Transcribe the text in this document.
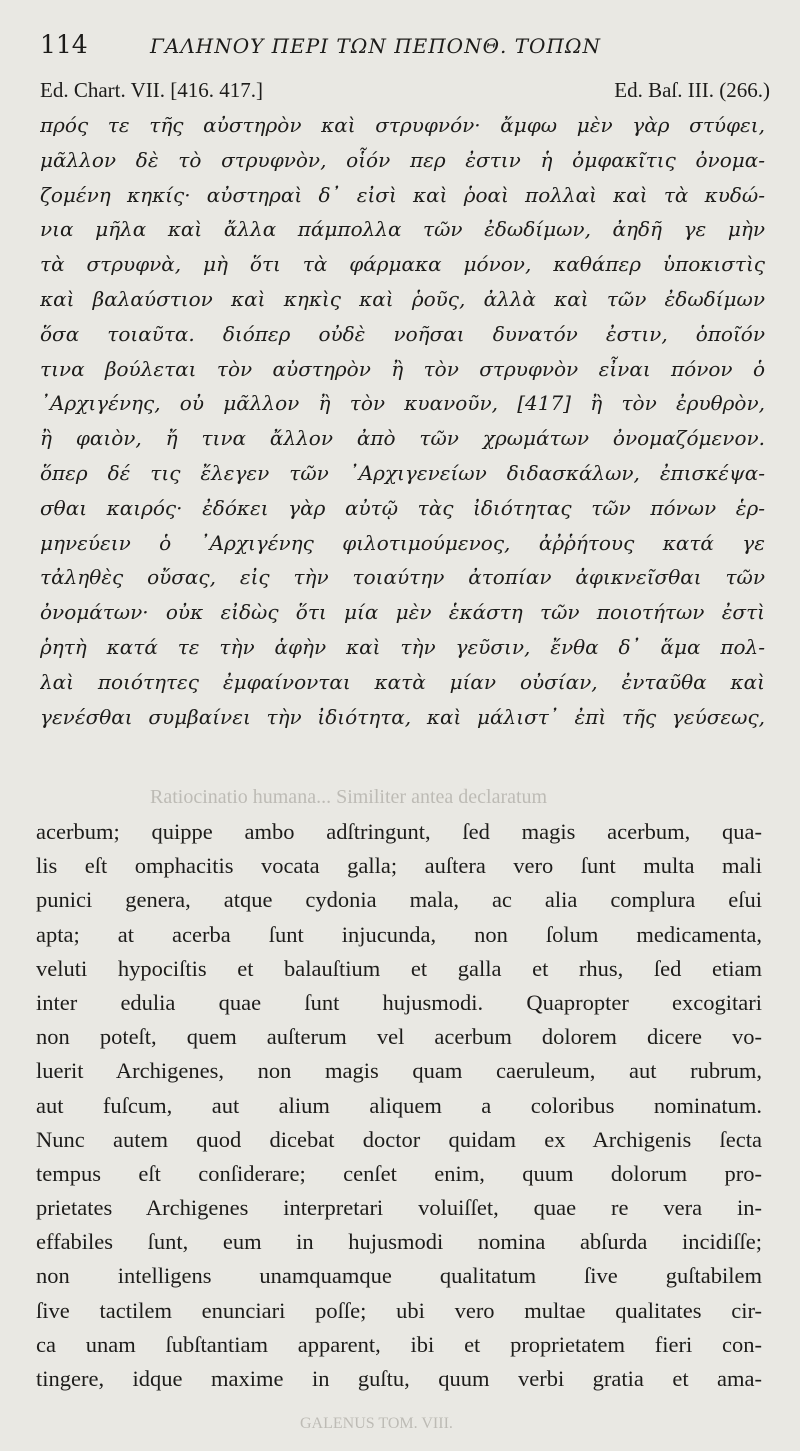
114	ΓΑΛΗΝΟΥ ΠΕΡΙ ΤΩΝ ΠΕΠΟΝΘ. ΤΟΠΩΝ
Ed. Chart. VII. [416. 417.]	Ed. Baſ. III. (266.)
πρός τε τῆς αὐστηρὸν καὶ στρυφνόν· ἄμφω μὲν γὰρ στύφει,
μᾶλλον δὲ τὸ στρυφνὸν, οἷόν περ ἐστιν ἡ ὀμφακῖτις ὀνομα-
ζομένη κηκίς· αὐστηραὶ δ᾽ εἰσὶ καὶ ῥοαὶ πολλαὶ καὶ τὰ κυδώ-
νια μῆλα καὶ ἄλλα πάμπολλα τῶν ἐδωδίμων, ἀηδῆ γε μὴν
τὰ στρυφνὰ, μὴ ὅτι τὰ φάρμακα μόνον, καθάπερ ὑποκιστὶς
καὶ βαλαύστιον καὶ κηκὶς καὶ ῥοῦς, ἀλλὰ καὶ τῶν ἐδωδίμων
ὅσα τοιαῦτα. διόπερ οὐδὲ νοῆσαι δυνατόν ἐστιν, ὁποῖόν
τινα βούλεται τὸν αὐστηρὸν ἢ τὸν στρυφνὸν εἶναι πόνον ὁ
᾿Αρχιγένης, οὐ μᾶλλον ἢ τὸν κυανοῦν, [417] ἢ τὸν ἐρυθρὸν,
ἢ φαιὸν, ἤ τινα ἄλλον ἀπὸ τῶν χρωμάτων ὀνομαζόμενον.
ὅπερ δέ τις ἔλεγεν τῶν ᾿Αρχιγενείων διδασκάλων, ἐπισκέψα-
σθαι καιρός· ἐδόκει γὰρ αὐτῷ τὰς ἰδιότητας τῶν πόνων ἑρ-
μηνεύειν ὁ ᾿Αρχιγένης φιλοτιμούμενος, ἀῤῥήτους κατά γε
τἀληθὲς οὔσας, εἰς τὴν τοιαύτην ἀτοπίαν ἀφικνεῖσθαι τῶν
ὀνομάτων· οὐκ εἰδὼς ὅτι μία μὲν ἑκάστη τῶν ποιοτήτων ἐστὶ
ῥητὴ κατά τε τὴν ἁφὴν καὶ τὴν γεῦσιν, ἔνθα δ᾽ ἅμα πολ-
λαὶ ποιότητες ἐμφαίνονται κατὰ μίαν οὐσίαν, ἐνταῦθα καὶ
γενέσθαι συμβαίνει τὴν ἰδιότητα, καὶ μάλιστ᾽ ἐπὶ τῆς γεύσεως,
Ratiocinatio humana... Similiter antea declaratum
acerbum; quippe ambo adſtringunt, ſed magis acerbum, qua-
lis eſt omphacitis vocata galla; auſtera vero ſunt multa mali
punici genera, atque cydonia mala, ac alia complura eſui
apta; at acerba ſunt injucunda, non ſolum medicamenta,
veluti hypociſtis et balauſtium et galla et rhus, ſed etiam
inter edulia quae ſunt hujusmodi. Quapropter excogitari
non poteſt, quem auſterum vel acerbum dolorem dicere vo-
luerit Archigenes, non magis quam caeruleum, aut rubrum,
aut fuſcum, aut alium aliquem a coloribus nominatum.
Nunc autem quod dicebat doctor quidam ex Archigenis ſecta
tempus eſt conſiderare; cenſet enim, quum dolorum pro-
prietates Archigenes interpretari voluiſſet, quae re vera in-
effabiles ſunt, eum in hujusmodi nomina abſurda incidiſſe;
non intelligens unamquamque qualitatum ſive guſtabilem
ſive tactilem enunciari poſſe; ubi vero multae qualitates cir-
ca unam ſubſtantiam apparent, ibi et proprietatem fieri con-
tingere, idque maxime in guſtu, quum verbi gratia et ama-
GALENUS TOM. VIII.
